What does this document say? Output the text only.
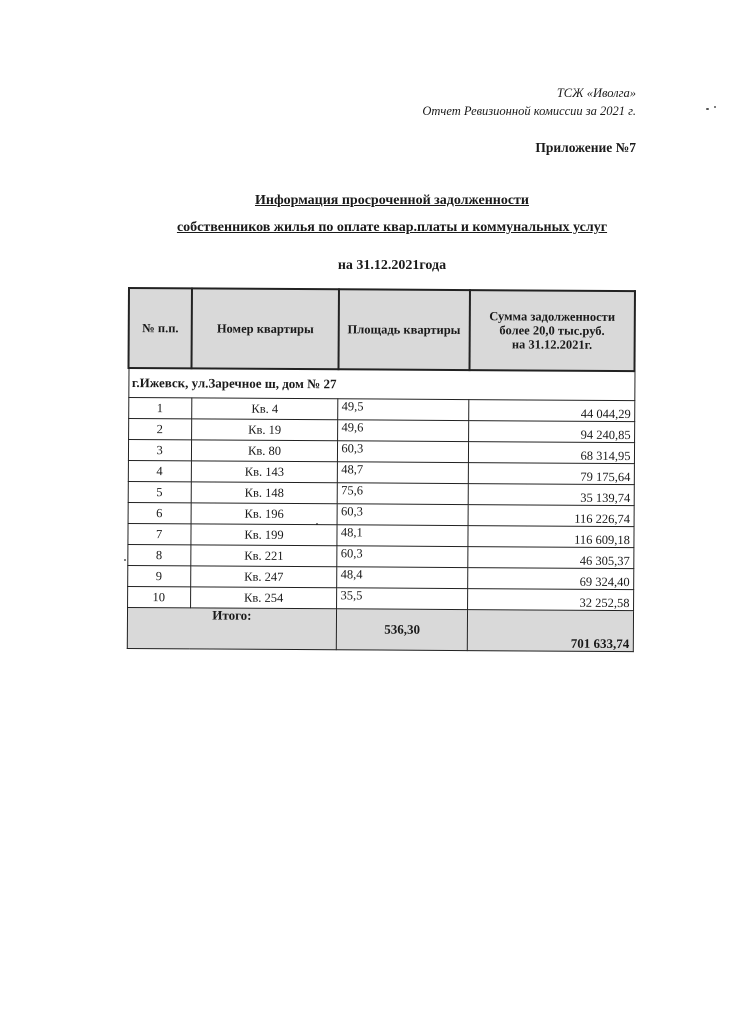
ТСЖ «Иволга»
Отчет Ревизионной комиссии за 2021 г.
Приложение №7
Информация просроченной задолженности
собственников жилья по оплате квар.платы и коммунальных услуг
на 31.12.2021года
№ п.п.	Номер квартиры	Площадь квартиры	Сумма задолженности
более 20,0 тыс.руб.
на 31.12.2021г.

г.Ижевск, ул.Заречное ш, дом № 27			
1	Кв. 4	49,5	44 044,29
2	Кв. 19	49,6	94 240,85
3	Кв. 80	60,3	68 314,95
4	Кв. 143	48,7	79 175,64
5	Кв. 148	75,6	35 139,74
6	Кв. 196	60,3	116 226,74
7	Кв. 199	48,1	116 609,18
8	Кв. 221	60,3	46 305,37
9	Кв. 247	48,4	69 324,40
10	Кв. 254	35,5	32 252,58
Итого:		536,30	701 633,74
